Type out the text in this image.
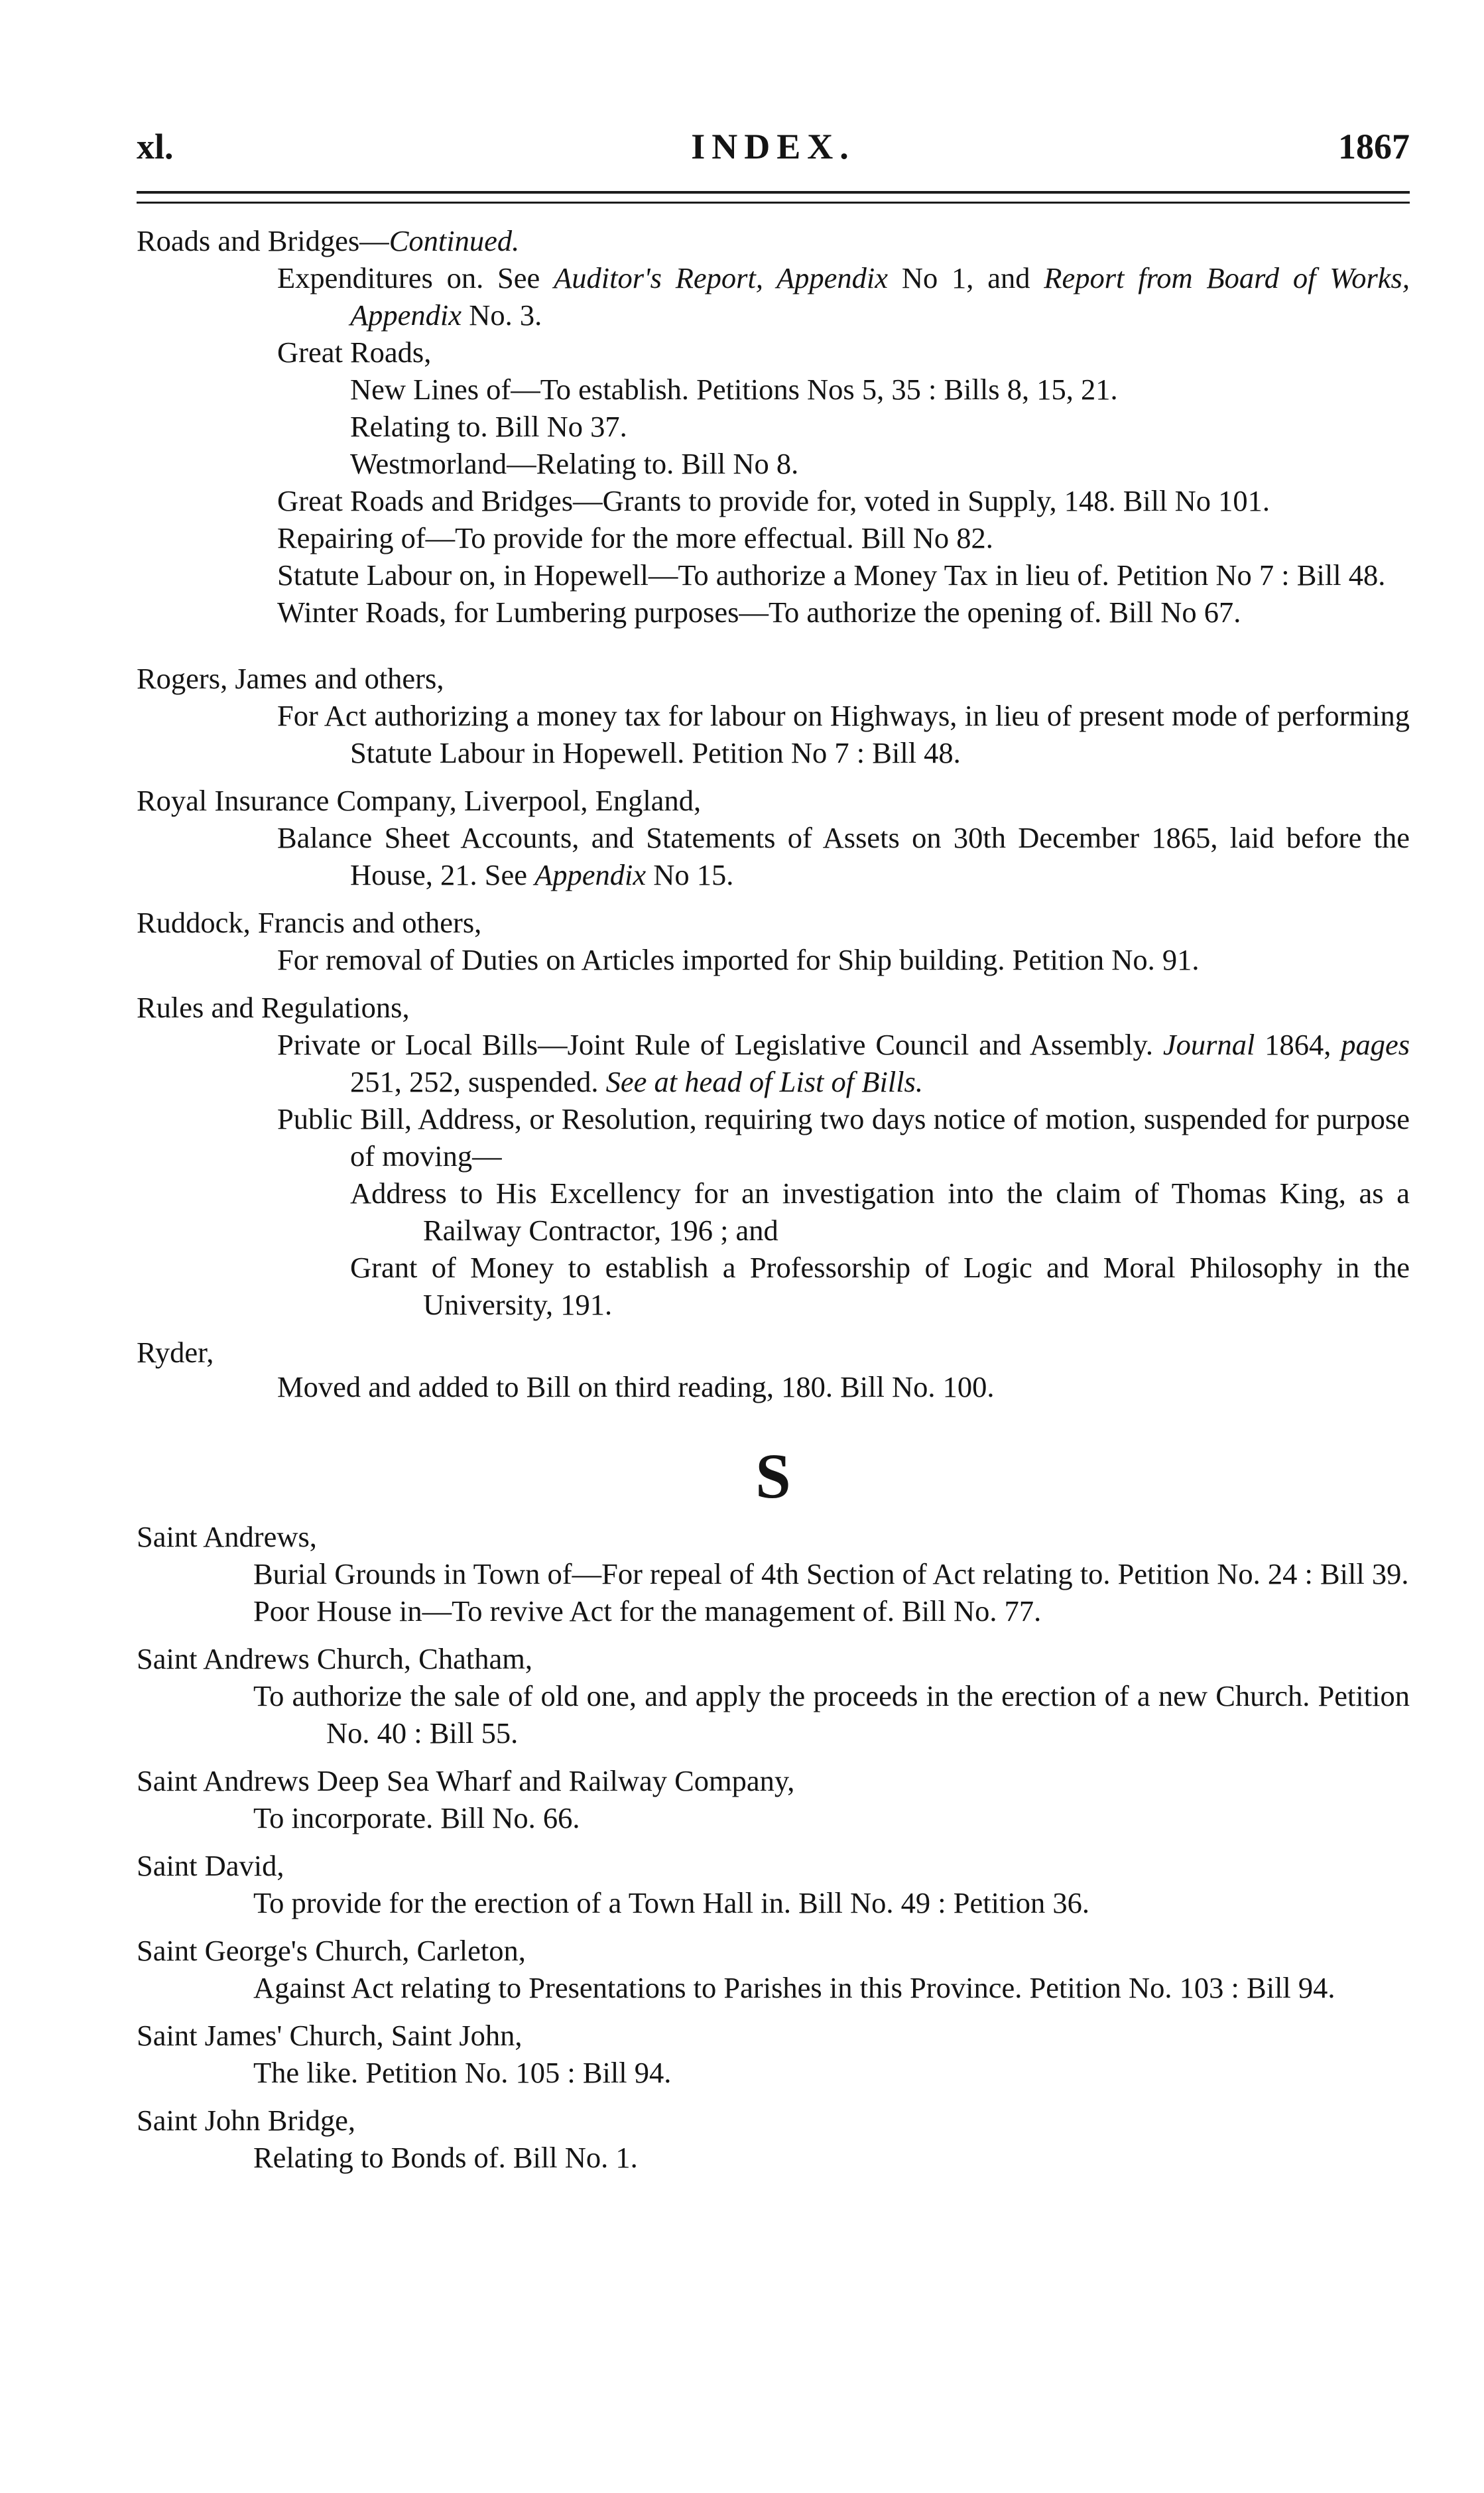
xl.	INDEX.	1867
Roads and Bridges—Continued.
Expenditures on. See Auditor's Report, Appendix No 1, and Report from Board of Works, Appendix No. 3.
Great Roads,
New Lines of—To establish. Petitions Nos 5, 35 : Bills 8, 15, 21.
Relating to. Bill No 37.
Westmorland—Relating to. Bill No 8.
Great Roads and Bridges—Grants to provide for, voted in Supply, 148. Bill No 101.
Repairing of—To provide for the more effectual. Bill No 82.
Statute Labour on, in Hopewell—To authorize a Money Tax in lieu of. Petition No 7 : Bill 48.
Winter Roads, for Lumbering purposes—To authorize the opening of. Bill No 67.
Rogers, James and others,
For Act authorizing a money tax for labour on Highways, in lieu of present mode of performing Statute Labour in Hopewell. Petition No 7 : Bill 48.
Royal Insurance Company, Liverpool, England,
Balance Sheet Accounts, and Statements of Assets on 30th December 1865, laid before the House, 21. See Appendix No 15.
Ruddock, Francis and others,
For removal of Duties on Articles imported for Ship building. Petition No. 91.
Rules and Regulations,
Private or Local Bills—Joint Rule of Legislative Council and Assembly. Journal 1864, pages 251, 252, suspended. See at head of List of Bills.
Public Bill, Address, or Resolution, requiring two days notice of motion, suspended for purpose of moving—
Address to His Excellency for an investigation into the claim of Thomas King, as a Railway Contractor, 196 ; and
Grant of Money to establish a Professorship of Logic and Moral Philosophy in the University, 191.
Ryder,
Moved and added to Bill on third reading, 180. Bill No. 100.
S
Saint Andrews,
Burial Grounds in Town of—For repeal of 4th Section of Act relating to. Petition No. 24 : Bill 39.
Poor House in—To revive Act for the management of. Bill No. 77.
Saint Andrews Church, Chatham,
To authorize the sale of old one, and apply the proceeds in the erection of a new Church. Petition No. 40 : Bill 55.
Saint Andrews Deep Sea Wharf and Railway Company,
To incorporate. Bill No. 66.
Saint David,
To provide for the erection of a Town Hall in. Bill No. 49 : Petition 36.
Saint George's Church, Carleton,
Against Act relating to Presentations to Parishes in this Province. Petition No. 103 : Bill 94.
Saint James' Church, Saint John,
The like. Petition No. 105 : Bill 94.
Saint John Bridge,
Relating to Bonds of. Bill No. 1.
